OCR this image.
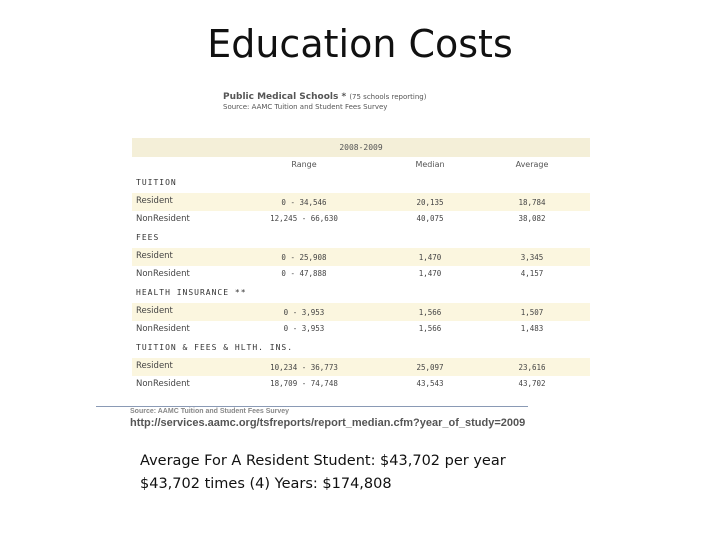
Education Costs
Public Medical Schools * (75 schools reporting)
Source: AAMC Tuition and Student Fees Survey
2008-2009
Range	Median	Average
TUITION
Resident	0 - 34,546	20,135	18,784
NonResident	12,245 - 66,630	40,075	38,082
FEES
Resident	0 - 25,908	1,470	3,345
NonResident	0 - 47,888	1,470	4,157
HEALTH INSURANCE **
Resident	0 - 3,953	1,566	1,507
NonResident	0 - 3,953	1,566	1,483
TUITION & FEES & HLTH. INS.
Resident	10,234 - 36,773	25,097	23,616
NonResident	18,709 - 74,748	43,543	43,702
Source: AAMC Tuition and Student Fees Survey
http://services.aamc.org/tsfreports/report_median.cfm?year_of_study=2009
Average For A Resident Student: $43,702 per year
$43,702 times (4) Years: $174,808
